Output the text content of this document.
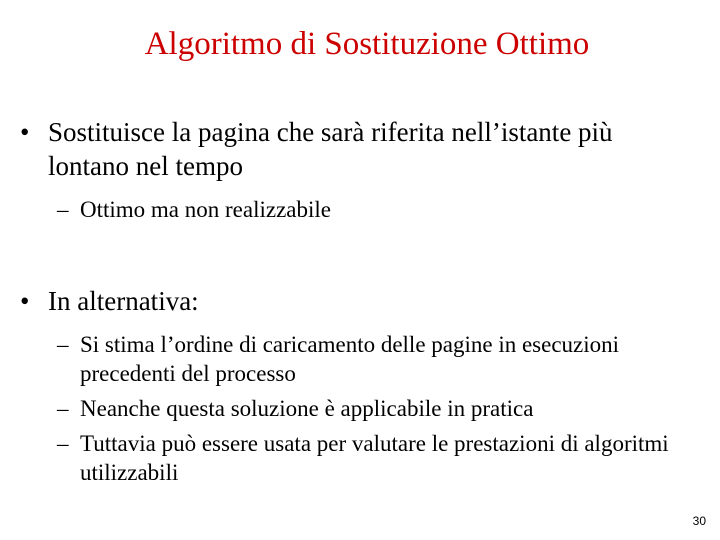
Algoritmo di Sostituzione Ottimo
• Sostituisce la pagina che sarà riferita nell’istante più lontano nel tempo
– Ottimo ma non realizzabile
• In alternativa:
– Si stima l’ordine di caricamento delle pagine in esecuzioni precedenti del processo
– Neanche questa soluzione è applicabile in pratica
– Tuttavia può essere usata per valutare le prestazioni di algoritmi utilizzabili
30
